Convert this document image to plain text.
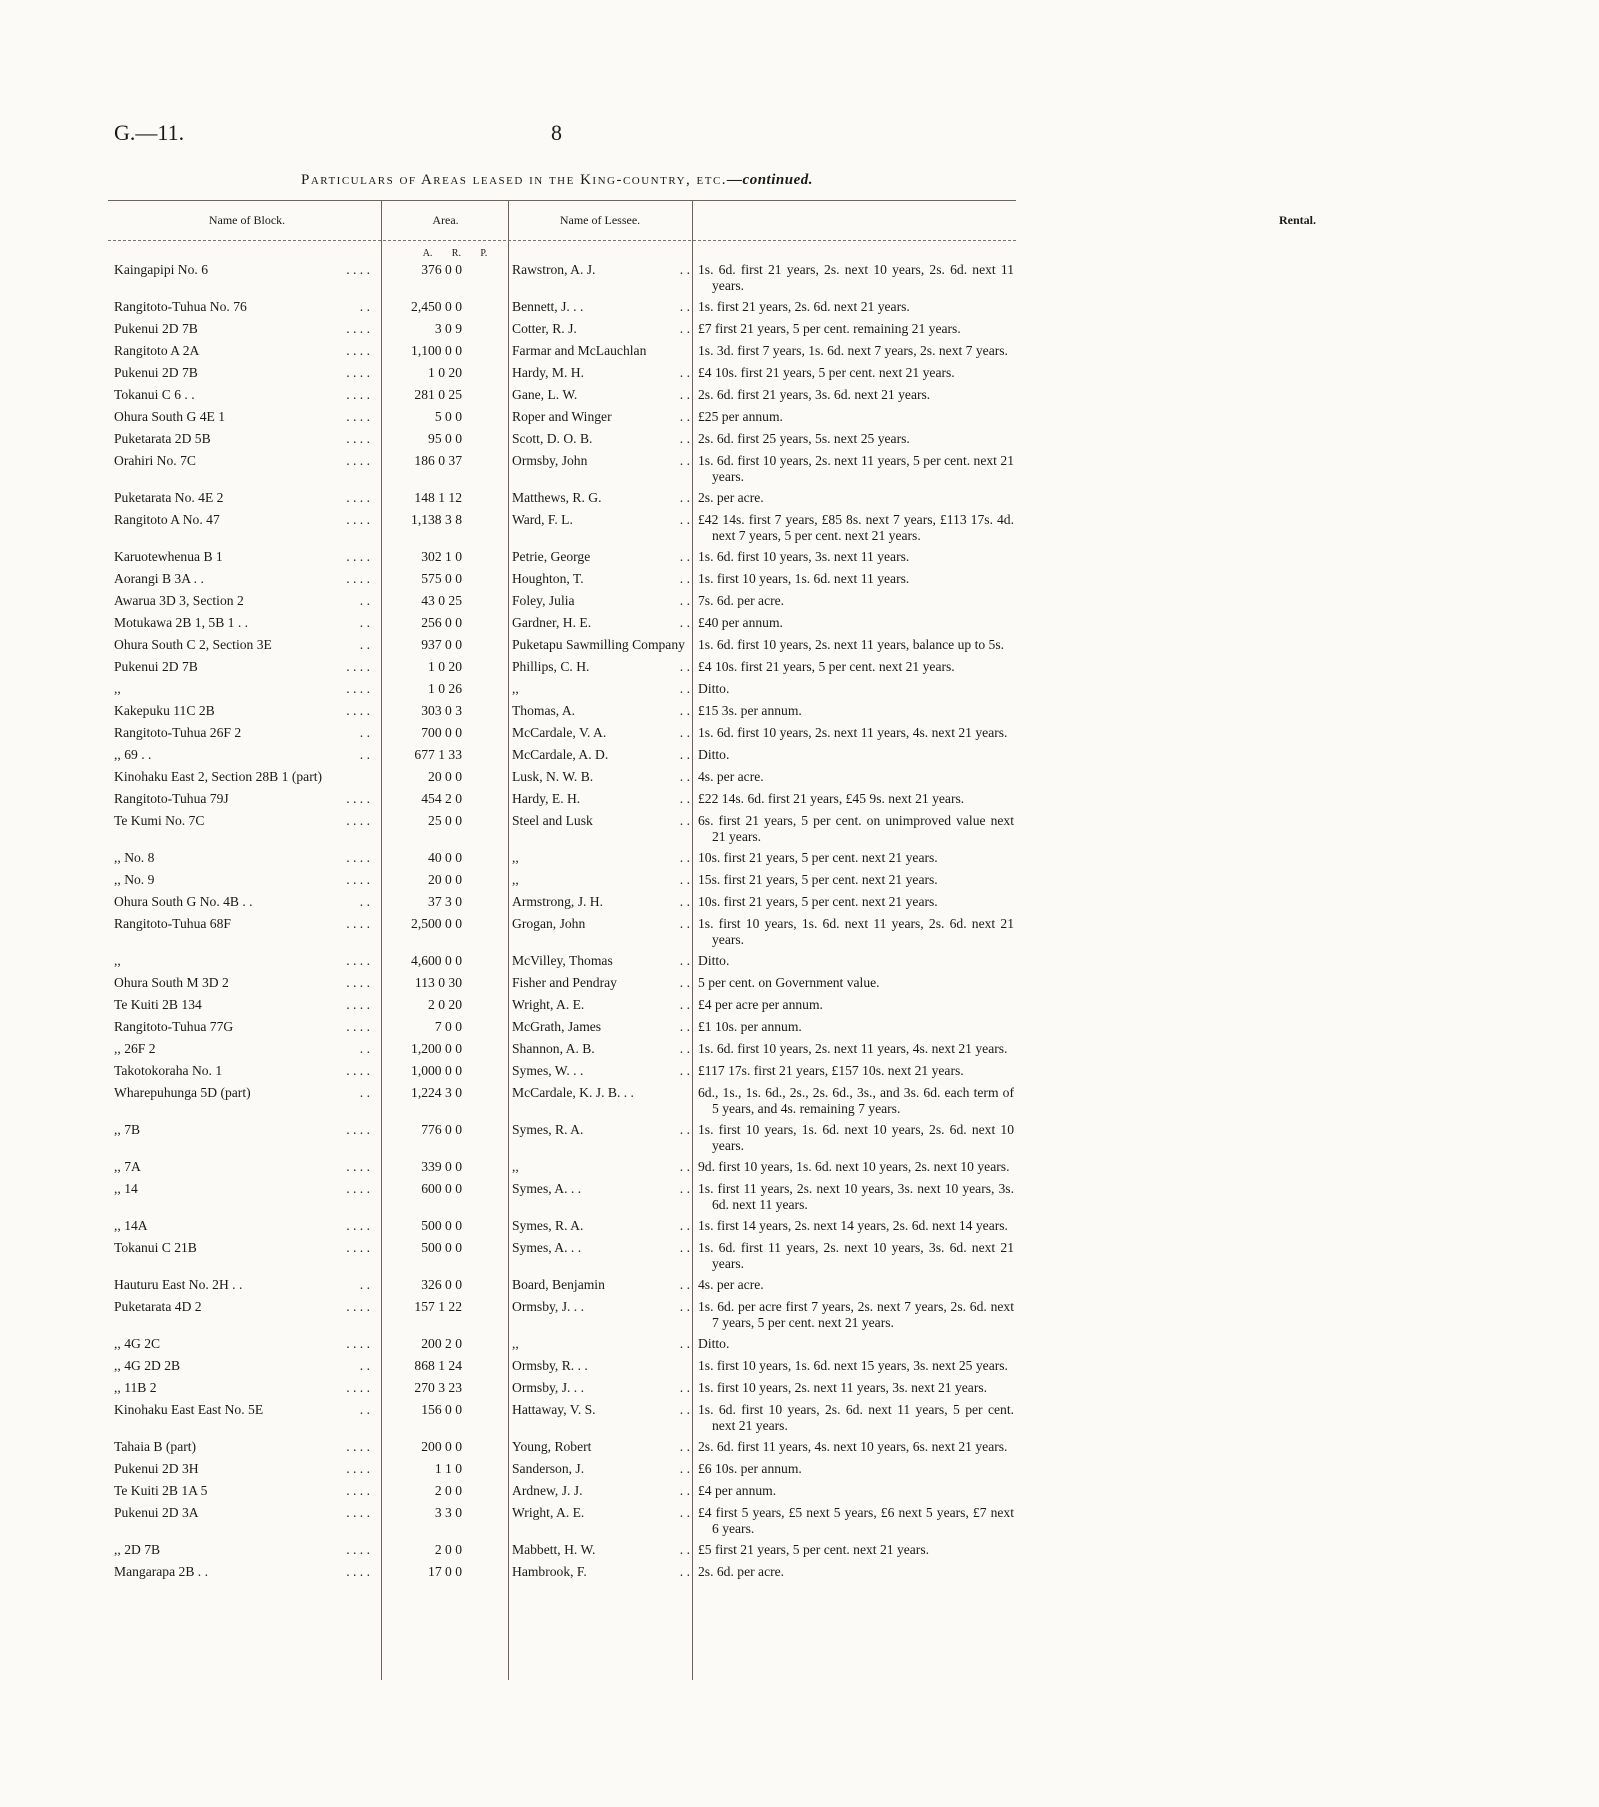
G.—11.	8
Particulars of Areas leased in the King-country, etc.—continued.
Name of Block.	Area.	Name of Lessee.	Rental.
A. R. P.
Kaingapipi No. 6	. . . .	376 0 0	Rawstron, A. J.	. . 1s. 6d. first 21 years, 2s. next 10 years, 2s. 6d. next 11 years.
Rangitoto-Tuhua No. 76	. .	2,450 0 0	Bennett, J. . .	. . 1s. first 21 years, 2s. 6d. next 21 years.
Pukenui 2D 7B	. . . .	3 0 9	Cotter, R. J.	. . £7 first 21 years, 5 per cent. remaining 21 years.
Rangitoto A 2A	. . . .	1,100 0 0	Farmar and McLauchlan	1s. 3d. first 7 years, 1s. 6d. next 7 years, 2s. next 7 years.
Pukenui 2D 7B	. . . .	1 0 20	Hardy, M. H.	. . £4 10s. first 21 years, 5 per cent. next 21 years.
Tokanui C 6 . .	. . . .	281 0 25	Gane, L. W.	. . 2s. 6d. first 21 years, 3s. 6d. next 21 years.
Ohura South G 4E 1	. . . .	5 0 0	Roper and Winger	. . £25 per annum.
Puketarata 2D 5B	. . . .	95 0 0	Scott, D. O. B.	. . 2s. 6d. first 25 years, 5s. next 25 years.
Orahiri No. 7C	. . . .	186 0 37	Ormsby, John	. . 1s. 6d. first 10 years, 2s. next 11 years, 5 per cent. next 21 years.
Puketarata No. 4E 2	. . . .	148 1 12	Matthews, R. G.	. . 2s. per acre.
Rangitoto A No. 47	. . . .	1,138 3 8	Ward, F. L.	. . £42 14s. first 7 years, £85 8s. next 7 years, £113 17s. 4d. next 7 years, 5 per cent. next 21 years.
Karuotewhenua B 1	. . . .	302 1 0	Petrie, George	. . 1s. 6d. first 10 years, 3s. next 11 years.
Aorangi B 3A . .	. . . .	575 0 0	Houghton, T.	. . 1s. first 10 years, 1s. 6d. next 11 years.
Awarua 3D 3, Section 2	. .	43 0 25	Foley, Julia	. . 7s. 6d. per acre.
Motukawa 2B 1, 5B 1 . .	. .	256 0 0	Gardner, H. E.	. . £40 per annum.
Ohura South C 2, Section 3E	. .	937 0 0	Puketapu Sawmilling Company 1s. 6d. first 10 years, 2s. next 11 years, balance up to 5s.
Pukenui 2D 7B	. . . .	1 0 20	Phillips, C. H.	. . £4 10s. first 21 years, 5 per cent. next 21 years.
,,	. . . .	1 0 26	,,	. . Ditto.
Kakepuku 11C 2B	. . . .	303 0 3	Thomas, A.	. . £15 3s. per annum.
Rangitoto-Tuhua 26F 2	. .	700 0 0	McCardale, V. A.	. . 1s. 6d. first 10 years, 2s. next 11 years, 4s. next 21 years.
,, 69 . .	. .	677 1 33	McCardale, A. D.	. . Ditto.
Kinohaku East 2, Section 28B 1 (part)	20 0 0	Lusk, N. W. B.	. . 4s. per acre.
Rangitoto-Tuhua 79J	. . . .	454 2 0	Hardy, E. H.	. . £22 14s. 6d. first 21 years, £45 9s. next 21 years.
Te Kumi No. 7C	. . . .	25 0 0	Steel and Lusk	. . 6s. first 21 years, 5 per cent. on unimproved value next 21 years.
,, No. 8	. . . .	40 0 0	,,	. . 10s. first 21 years, 5 per cent. next 21 years.
,, No. 9	. . . .	20 0 0	,,	. . 15s. first 21 years, 5 per cent. next 21 years.
Ohura South G No. 4B . .	. .	37 3 0	Armstrong, J. H.	. . 10s. first 21 years, 5 per cent. next 21 years.
Rangitoto-Tuhua 68F	. . . .	2,500 0 0	Grogan, John	. . 1s. first 10 years, 1s. 6d. next 11 years, 2s. 6d. next 21 years.
,,	. . . .	4,600 0 0	McVilley, Thomas	. . Ditto.
Ohura South M 3D 2	. . . .	113 0 30	Fisher and Pendray	. . 5 per cent. on Government value.
Te Kuiti 2B 134	. . . .	2 0 20	Wright, A. E.	. . £4 per acre per annum.
Rangitoto-Tuhua 77G	. . . .	7 0 0	McGrath, James	. . £1 10s. per annum.
,, 26F 2	. .	1,200 0 0	Shannon, A. B.	. . 1s. 6d. first 10 years, 2s. next 11 years, 4s. next 21 years.
Takotokoraha No. 1	. . . .	1,000 0 0	Symes, W. . .	. . £117 17s. first 21 years, £157 10s. next 21 years.
Wharepuhunga 5D (part)	. .	1,224 3 0	McCardale, K. J. B. . .	6d., 1s., 1s. 6d., 2s., 2s. 6d., 3s., and 3s. 6d. each term of 5 years, and 4s. remaining 7 years.
,, 7B	. . . .	776 0 0	Symes, R. A.	. . 1s. first 10 years, 1s. 6d. next 10 years, 2s. 6d. next 10 years.
,, 7A	. . . .	339 0 0	,,	. . 9d. first 10 years, 1s. 6d. next 10 years, 2s. next 10 years.
,, 14	. . . .	600 0 0	Symes, A. . .	. . 1s. first 11 years, 2s. next 10 years, 3s. next 10 years, 3s. 6d. next 11 years.
,, 14A	. . . .	500 0 0	Symes, R. A.	. . 1s. first 14 years, 2s. next 14 years, 2s. 6d. next 14 years.
Tokanui C 21B	. . . .	500 0 0	Symes, A. . .	. . 1s. 6d. first 11 years, 2s. next 10 years, 3s. 6d. next 21 years.
Hauturu East No. 2H . .	. .	326 0 0	Board, Benjamin	. . 4s. per acre.
Puketarata 4D 2	. . . .	157 1 22	Ormsby, J. . .	. . 1s. 6d. per acre first 7 years, 2s. next 7 years, 2s. 6d. next 7 years, 5 per cent. next 21 years.
,, 4G 2C	. . . .	200 2 0	,,	. . Ditto.
,, 4G 2D 2B	. .	868 1 24	Ormsby, R. . .	1s. first 10 years, 1s. 6d. next 15 years, 3s. next 25 years.
,, 11B 2	. . . .	270 3 23	Ormsby, J. . .	. . 1s. first 10 years, 2s. next 11 years, 3s. next 21 years.
Kinohaku East East No. 5E	. .	156 0 0	Hattaway, V. S.	. . 1s. 6d. first 10 years, 2s. 6d. next 11 years, 5 per cent. next 21 years.
Tahaia B (part)	. . . .	200 0 0	Young, Robert	. . 2s. 6d. first 11 years, 4s. next 10 years, 6s. next 21 years.
Pukenui 2D 3H	. . . .	1 1 0	Sanderson, J.	. . £6 10s. per annum.
Te Kuiti 2B 1A 5	. . . .	2 0 0	Ardnew, J. J.	. . £4 per annum.
Pukenui 2D 3A	. . . .	3 3 0	Wright, A. E.	. . £4 first 5 years, £5 next 5 years, £6 next 5 years, £7 next 6 years.
,, 2D 7B	. . . .	2 0 0	Mabbett, H. W.	. . £5 first 21 years, 5 per cent. next 21 years.
Mangarapa 2B . .	. . . .	17 0 0	Hambrook, F.	. . 2s. 6d. per acre.
